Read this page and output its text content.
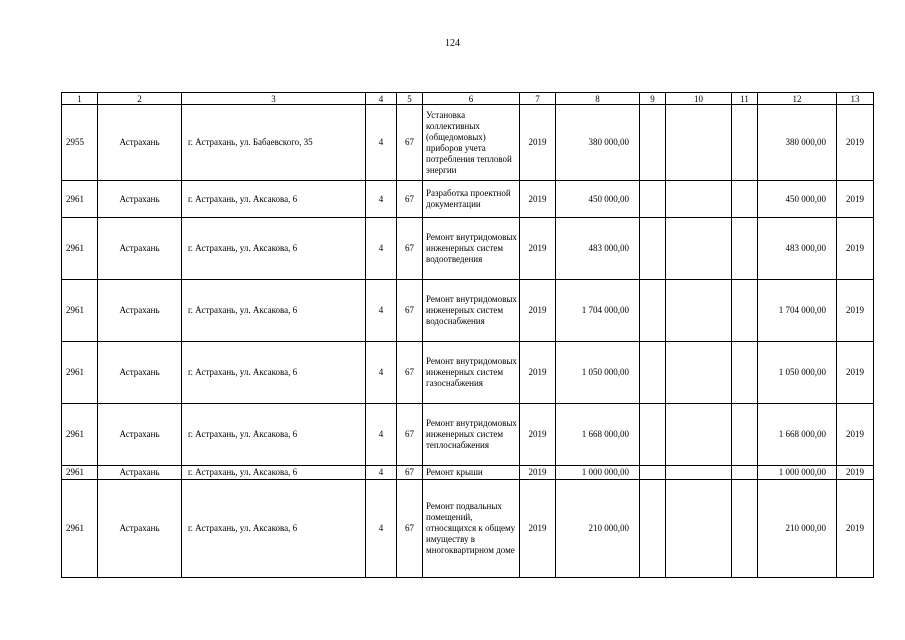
124
1	2	3	4	5	6	7	8	9	10	11	12	13
2955	Астрахань	г. Астрахань, ул. Бабаевского, 35	4	67	Установка коллективных (общедомовых) приборов учета потребления тепловой энергии	2019	380 000,00				380 000,00	2019
2961	Астрахань	г. Астрахань, ул. Аксакова, 6	4	67	Разработка проектной документации	2019	450 000,00				450 000,00	2019
2961	Астрахань	г. Астрахань, ул. Аксакова, 6	4	67	Ремонт внутридомовых инженерных систем водоотведения	2019	483 000,00				483 000,00	2019
2961	Астрахань	г. Астрахань, ул. Аксакова, 6	4	67	Ремонт внутридомовых инженерных систем водоснабжения	2019	1 704 000,00				1 704 000,00	2019
2961	Астрахань	г. Астрахань, ул. Аксакова, 6	4	67	Ремонт внутридомовых инженерных систем газоснабжения	2019	1 050 000,00				1 050 000,00	2019
2961	Астрахань	г. Астрахань, ул. Аксакова, 6	4	67	Ремонт внутридомовых инженерных систем теплоснабжения	2019	1 668 000,00				1 668 000,00	2019
2961	Астрахань	г. Астрахань, ул. Аксакова, 6	4	67	Ремонт крыши	2019	1 000 000,00				1 000 000,00	2019
2961	Астрахань	г. Астрахань, ул. Аксакова, 6	4	67	Ремонт подвальных помещений, относящихся к общему имуществу в многоквартирном доме	2019	210 000,00				210 000,00	2019
